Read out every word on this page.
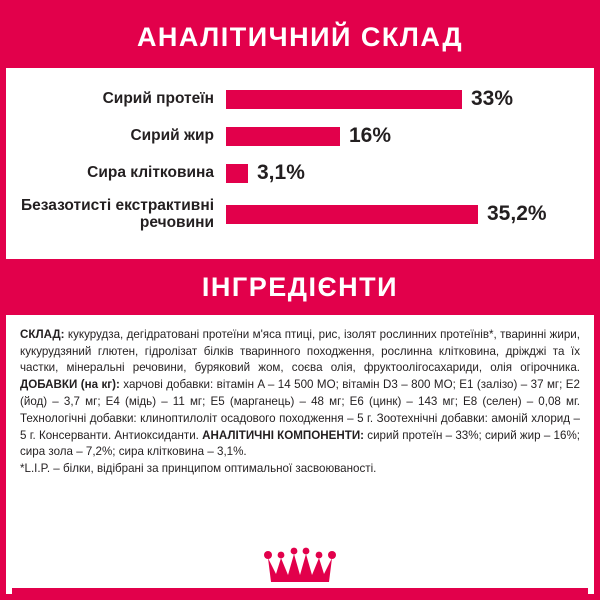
АНАЛІТИЧНИЙ СКЛАД
Сирий протеїн	33%
Сирий жир	16%
Сира клітковина	3,1%
Безазотисті екстрактивні речовини	35,2%
ІНГРЕДІЄНТИ
СКЛАД: кукурудза, дегідратовані протеїни м'яса птиці, рис, ізолят рослинних протеїнів*, тваринні жири, кукурудзяний глютен, гідролізат білків тваринного походження, рослинна клітковина, дріжджі та їх частки, мінеральні речовини, буряковий жом, соєва олія, фруктоолігосахариди, олія огірочника. ДОБАВКИ (на кг): харчові добавки: вітамін A – 14 500 МО; вітамін D3 – 800 МО; E1 (залізо) – 37 мг; E2 (йод) – 3,7 мг; E4 (мідь) – 11 мг; E5 (марганець) – 48 мг; E6 (цинк) – 143 мг; E8 (селен) – 0,08 мг. Технологічні добавки: клиноптилоліт осадового походження – 5 г. Зоотехнічні добавки: амоній хлорид – 5 г. Консерванти. Антиоксиданти. АНАЛІТИЧНІ КОМПОНЕНТИ: сирий протеїн – 33%; сирий жир – 16%; сира зола – 7,2%; сира клітковина – 3,1%.
*L.I.P. – білки, відібрані за принципом оптимальної засвоюваності.
